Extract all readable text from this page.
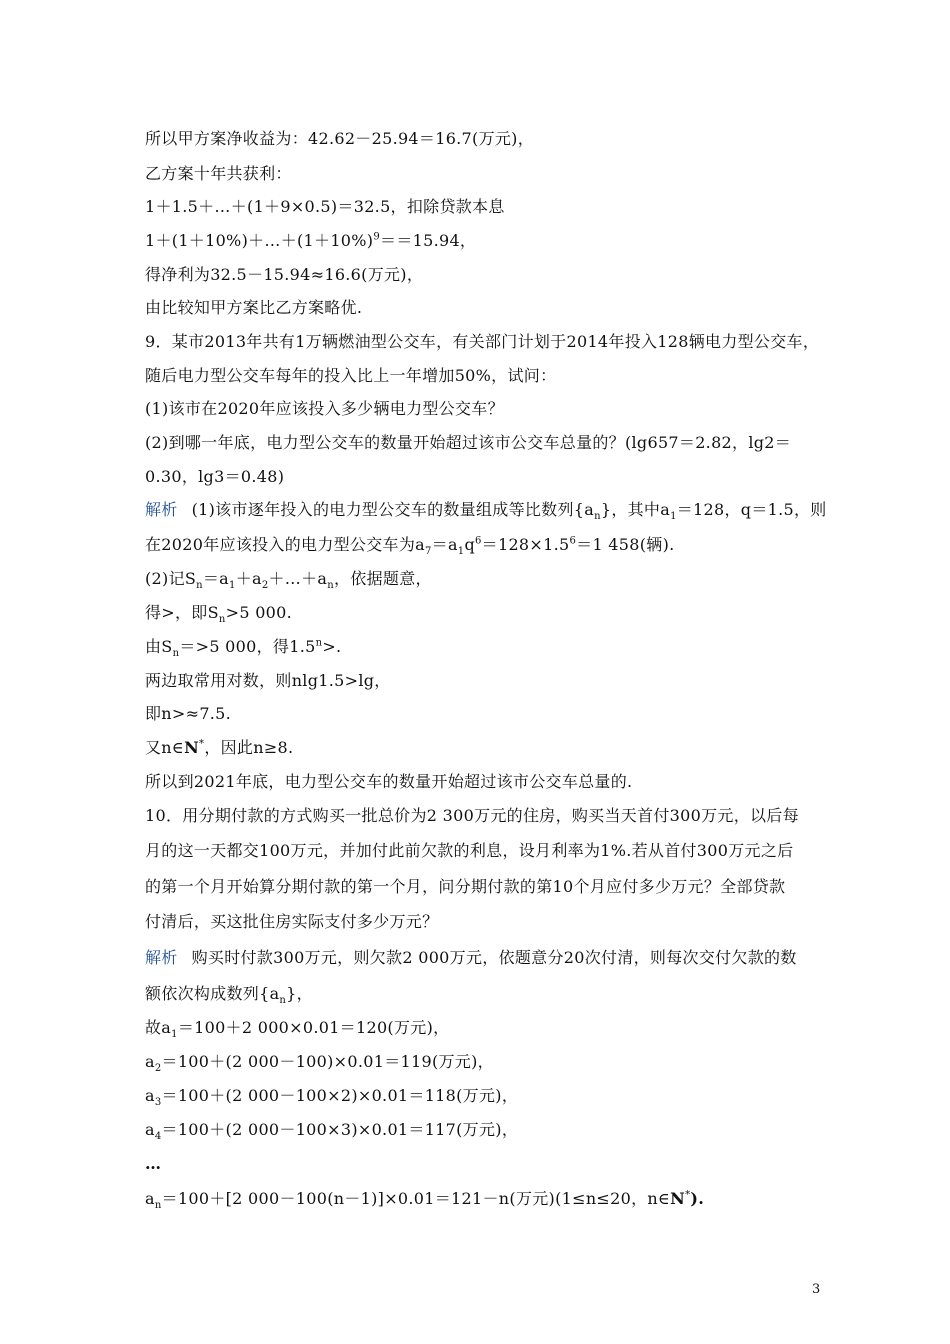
所以甲方案净收益为：42.62－25.94＝16.7(万元)，
乙方案十年共获利：
1＋1.5＋…＋(1＋9×0.5)＝32.5，扣除贷款本息
$1+(1+10\%)+\dots+(1+10\%)^9==15.94$，
得净利为32.5－15.94≈16.6(万元)，
由比较知甲方案比乙方案略优.
9．某市2013年共有1万辆燃油型公交车，有关部门计划于2014年投入128辆电力型公交车，
随后电力型公交车每年的投入比上一年增加50%，试问：
(1)该市在2020年应该投入多少辆电力型公交车？
(2)到哪一年底，电力型公交车的数量开始超过该市公交车总量的？(lg657＝2.82，lg2＝
0.30，lg3＝0.48)
解析 (1)该市逐年投入的电力型公交车的数量组成等比数列$\{a_n\}$，其中$a_1=128$，q＝1.5，则
在2020年应该投入的电力型公交车为$a_7=a_1q^6=128\times 1.5^6=1$ 458(辆).
(2)记$S_n=a_1+a_2+\dots+a_n$，依据题意，
得>，即$S_n>5$ 000.
由$S_n=>5$ 000，得$1.5^n>$.
两边取常用对数，则nlg1.5>lg，
即n>≈7.5.
又n∈N*，因此n≥8.
所以到2021年底，电力型公交车的数量开始超过该市公交车总量的.
10．用分期付款的方式购买一批总价为2 300万元的住房，购买当天首付300万元，以后每
月的这一天都交100万元，并加付此前欠款的利息，设月利率为1%.若从首付300万元之后
的第一个月开始算分期付款的第一个月，问分期付款的第10个月应付多少万元？全部贷款
付清后，买这批住房实际支付多少万元？
解析 购买时付款300万元，则欠款2 000万元，依题意分20次付清，则每次交付欠款的数
额依次构成数列$\{a_n\}$，
故$a_1=100+2$ 000×0.01＝120(万元)，
$a_2=100+(2$ 000－100)×0.01＝119(万元)，
$a_3=100+(2$ 000－100×2)×0.01＝118(万元)，
$a_4=100+(2$ 000－100×3)×0.01＝117(万元)，
…
$a_n=100+[2$ 000－100(n－1)]×0.01＝121－n(万元)(1≤n≤20，n∈N*).
3
